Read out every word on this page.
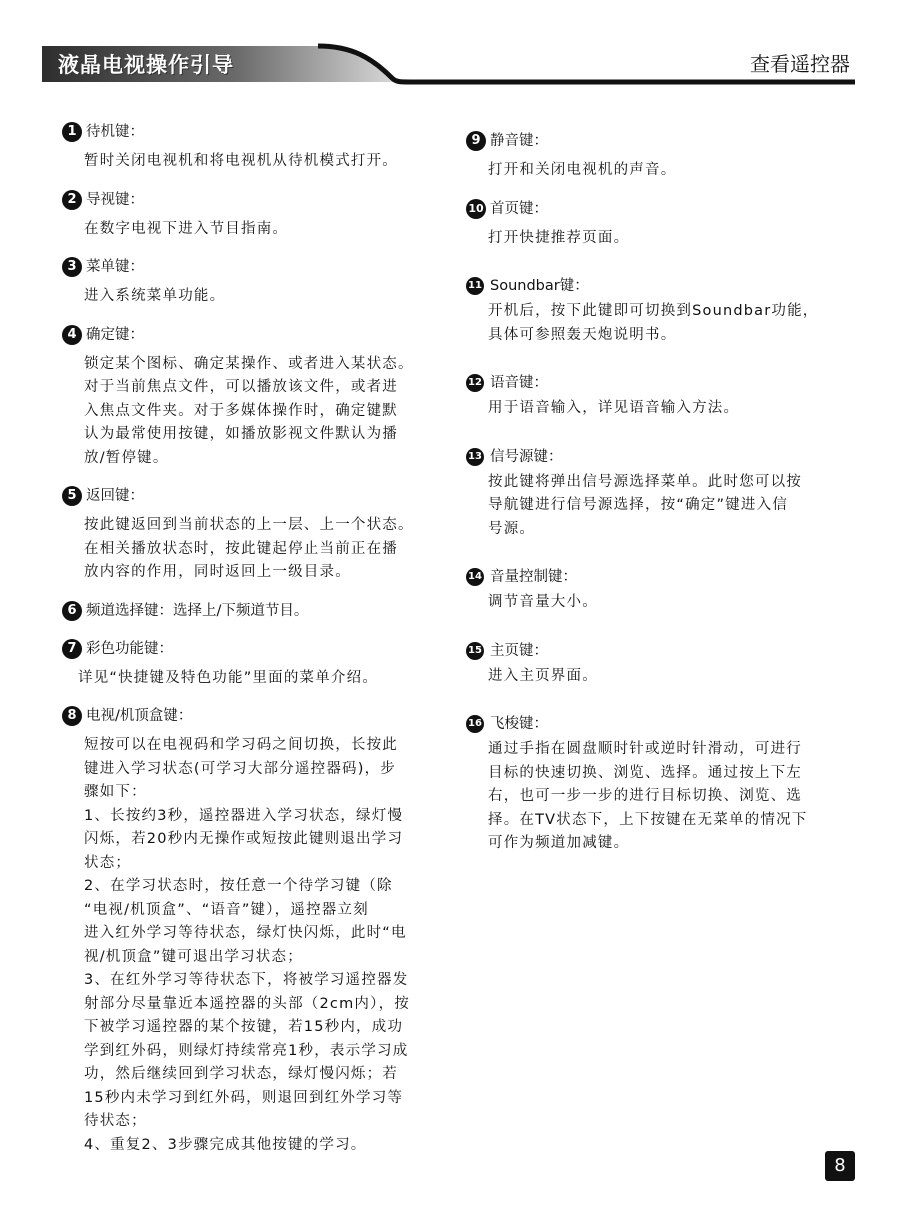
液晶电视操作引导	查看遥控器
1 待机键：
暂时关闭电视机和将电视机从待机模式打开。
2 导视键：
在数字电视下进入节目指南。
3 菜单键：
进入系统菜单功能。
4 确定键：
锁定某个图标、确定某操作、或者进入某状态。
对于当前焦点文件，可以播放该文件，或者进
入焦点文件夹。对于多媒体操作时，确定键默
认为最常使用按键，如播放影视文件默认为播
放/暂停键。
5 返回键：
按此键返回到当前状态的上一层、上一个状态。
在相关播放状态时，按此键起停止当前正在播
放内容的作用，同时返回上一级目录。
6 频道选择键：选择上/下频道节目。
7 彩色功能键：
详见“快捷键及特色功能”里面的菜单介绍。
8 电视/机顶盒键：
短按可以在电视码和学习码之间切换，长按此
键进入学习状态(可学习大部分遥控器码)，步
骤如下：
1、长按约3秒，遥控器进入学习状态，绿灯慢
闪烁，若20秒内无操作或短按此键则退出学习
状态；
2、在学习状态时，按任意一个待学习键（除
“电视/机顶盒”、“语音”键），遥控器立刻
进入红外学习等待状态，绿灯快闪烁，此时“电
视/机顶盒”键可退出学习状态；
3、在红外学习等待状态下，将被学习遥控器发
射部分尽量靠近本遥控器的头部（2cm内），按
下被学习遥控器的某个按键，若15秒内，成功
学到红外码，则绿灯持续常亮1秒，表示学习成
功，然后继续回到学习状态，绿灯慢闪烁；若
15秒内未学习到红外码，则退回到红外学习等
待状态；
4、重复2、3步骤完成其他按键的学习。
9 静音键：
打开和关闭电视机的声音。
10 首页键：
打开快捷推荐页面。
11 Soundbar键：
开机后，按下此键即可切换到Soundbar功能，
具体可参照轰天炮说明书。
12 语音键：
用于语音输入，详见语音输入方法。
13 信号源键：
按此键将弹出信号源选择菜单。此时您可以按
导航键进行信号源选择，按“确定”键进入信
号源。
14 音量控制键：
调节音量大小。
15 主页键：
进入主页界面。
16 飞梭键：
通过手指在圆盘顺时针或逆时针滑动，可进行
目标的快速切换、浏览、选择。通过按上下左
右，也可一步一步的进行目标切换、浏览、选
择。在TV状态下，上下按键在无菜单的情况下
可作为频道加减键。
8
